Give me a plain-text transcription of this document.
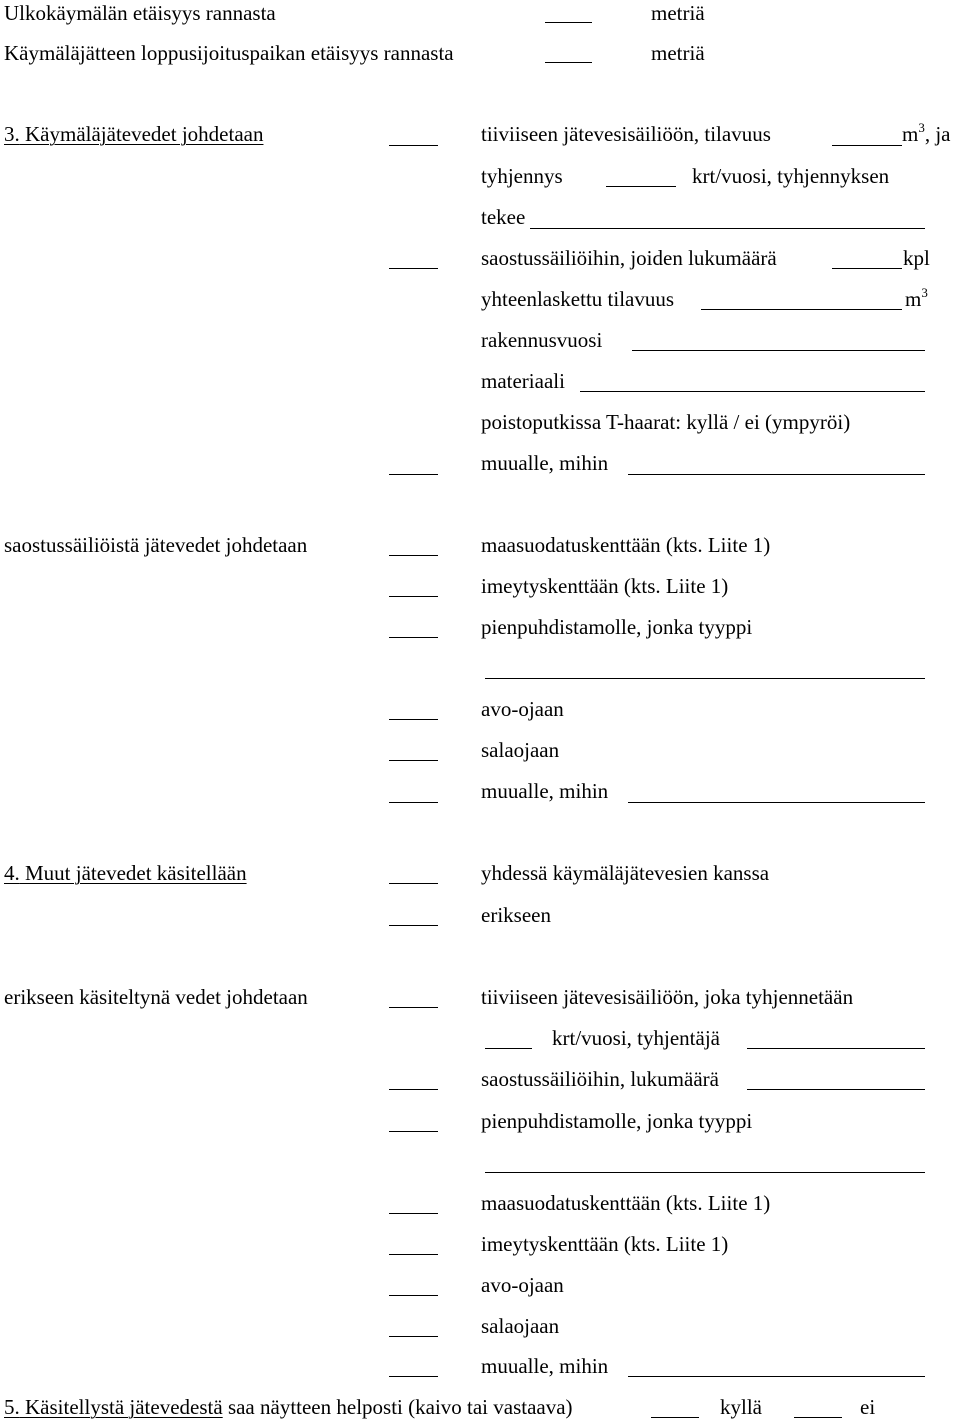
Ulkokäymälän etäisyys rannasta	metriä
Käymäläjätteen loppusijoituspaikan etäisyys rannasta	metriä
3. Käymäläjätevedet johdetaan	tiiviiseen jätevesisäiliöön, tilavuus	$m^3$, ja
tyhjennys	krt/vuosi, tyhjennyksen
tekee
saostussäiliöihin, joiden lukumäärä	kpl
yhteenlaskettu tilavuus	$m^3$
rakennusvuosi
materiaali
poistoputkissa T-haarat: kyllä / ei (ympyröi)
muualle, mihin
saostussäiliöistä jätevedet johdetaan	maasuodatuskenttään (kts. Liite 1)
imeytyskenttään (kts. Liite 1)
pienpuhdistamolle, jonka tyyppi
avo-ojaan
salaojaan
muualle, mihin
4. Muut jätevedet käsitellään	yhdessä käymäläjätevesien kanssa
erikseen
erikseen käsiteltynä vedet johdetaan	tiiviiseen jätevesisäiliöön, joka tyhjennetään
krt/vuosi, tyhjentäjä
saostussäiliöihin, lukumäärä
pienpuhdistamolle, jonka tyyppi
maasuodatuskenttään (kts. Liite 1)
imeytyskenttään (kts. Liite 1)
avo-ojaan
salaojaan
muualle, mihin
5. Käsitellystä jätevedestä saa näytteen helposti (kaivo tai vastaava)	kyllä	ei
